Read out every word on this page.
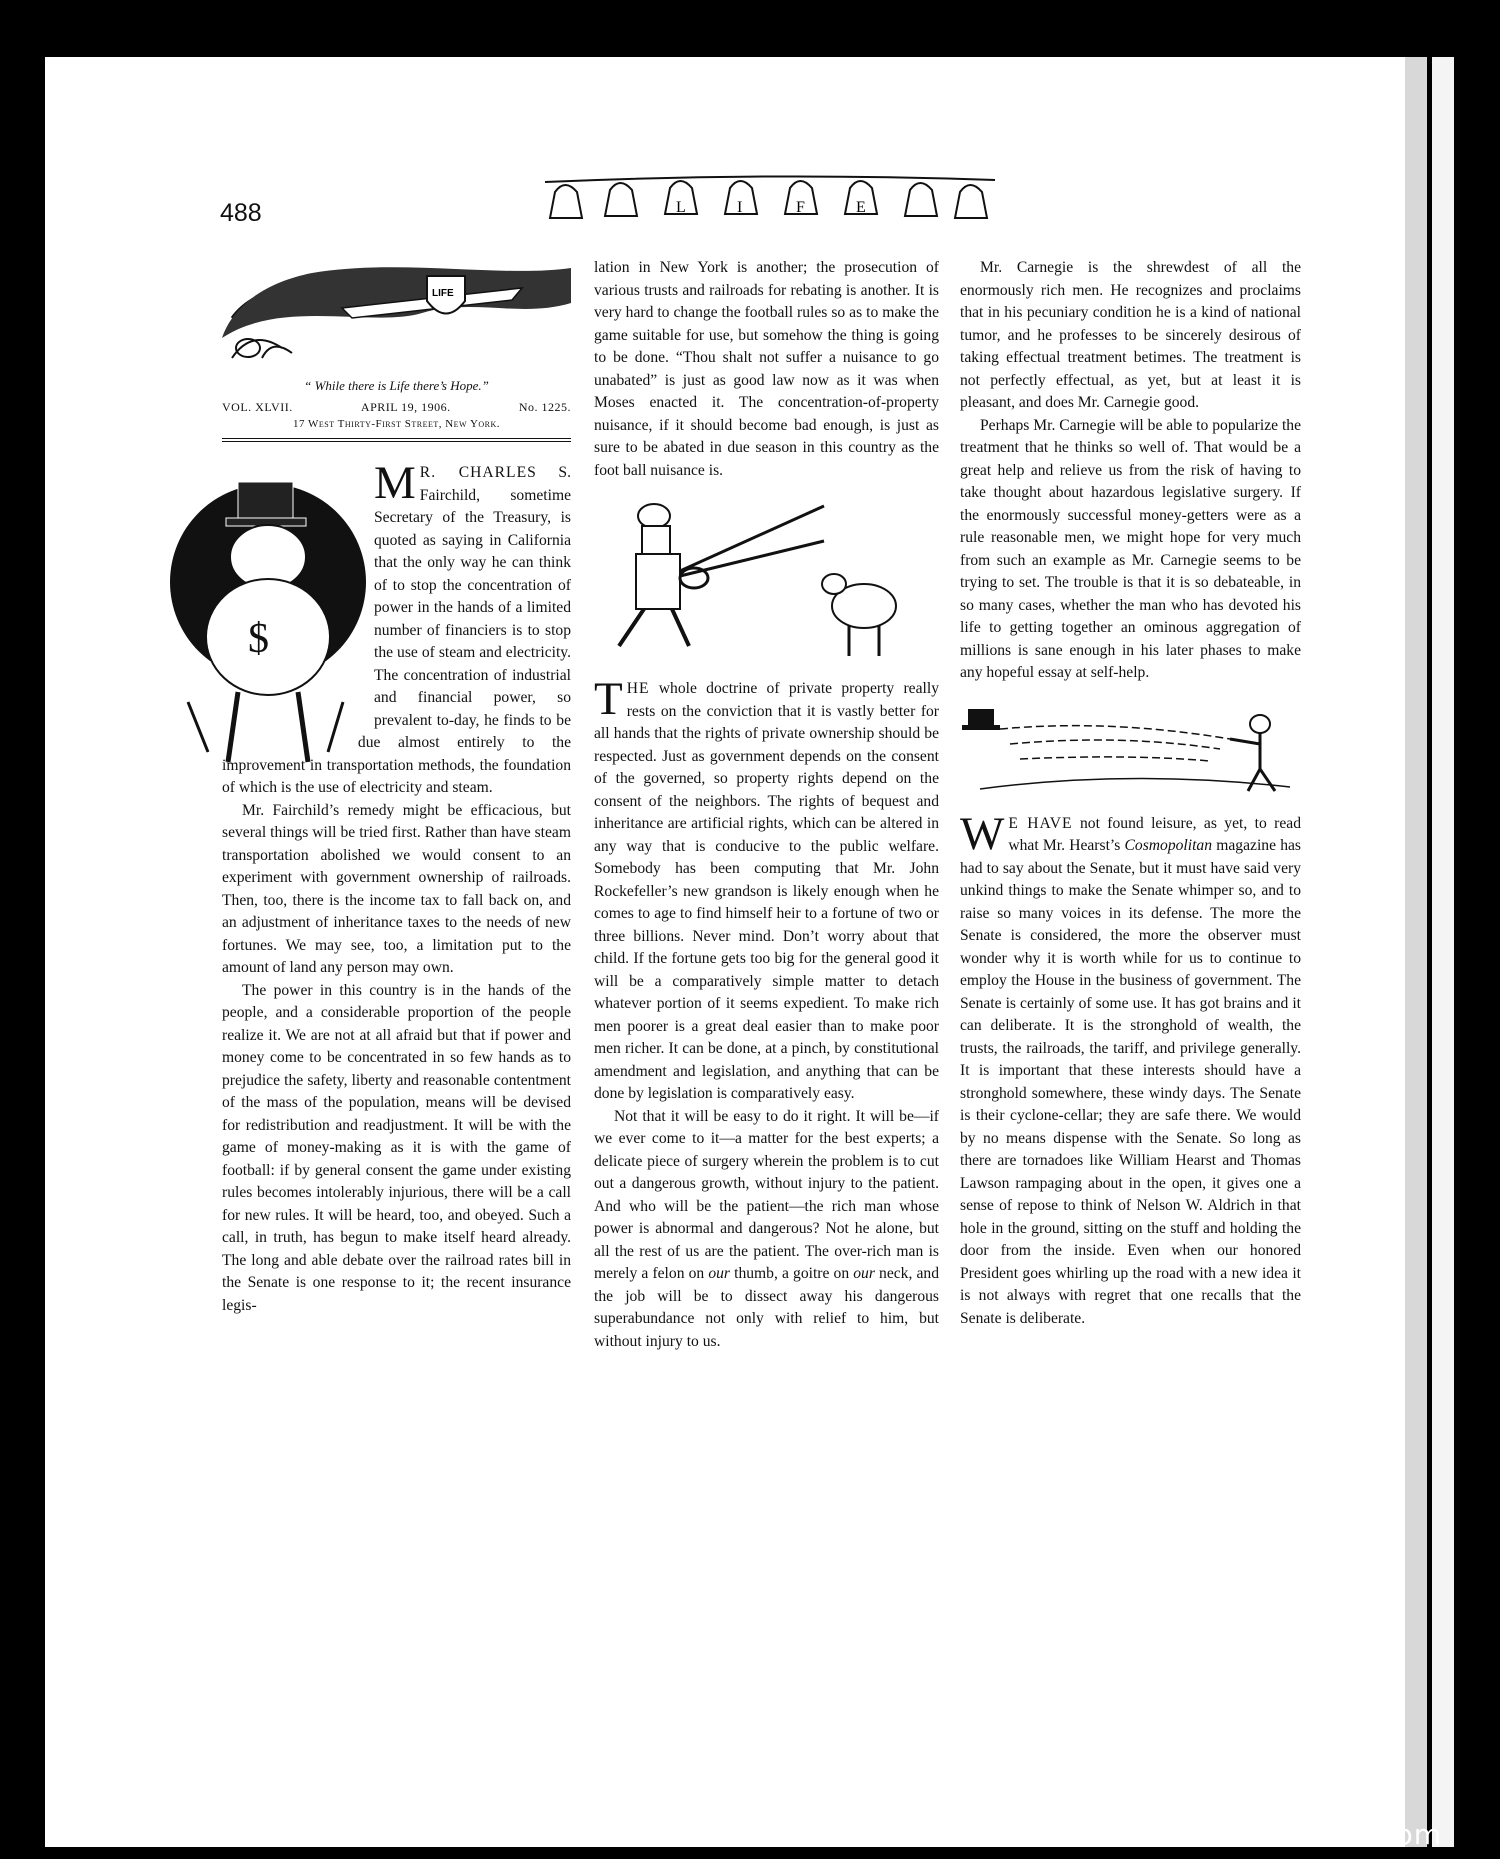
488	L	I	F	E
LIFE
“ While there is Life there’s Hope.”
VOL. XLVII.	APRIL 19, 1906.	No. 1225.
17 West Thirty-First Street, New York.

$
M R. CHARLES S. Fairchild, sometime Secretary of the Treasury, is quoted as saying in California that the only way he can think of to stop the concentration of power in the hands of a limited number of financiers is to stop the use of steam and electricity. The concentration of industrial and financial power, so prevalent to-day, he finds to be due almost entirely to the improvement in transportation methods, the foundation of which is the use of electricity and steam.

Mr. Fairchild’s remedy might be efficacious, but several things will be tried first. Rather than have steam transportation abolished we would consent to an experiment with government ownership of railroads. Then, too, there is the income tax to fall back on, and an adjustment of inheritance taxes to the needs of new fortunes. We may see, too, a limitation put to the amount of land any person may own.

The power in this country is in the hands of the people, and a considerable proportion of the people realize it. We are not at all afraid but that if power and money come to be concentrated in so few hands as to prejudice the safety, liberty and reasonable contentment of the mass of the population, means will be devised for redistribution and readjustment. It will be with the game of money-making as it is with the game of football: if by general consent the game under existing rules becomes intolerably injurious, there will be a call for new rules. It will be heard, too, and obeyed. Such a call, in truth, has begun to make itself heard already. The long and able debate over the railroad rates bill in the Senate is one response to it; the recent insurance legis-

lation in New York is another; the prosecution of various trusts and railroads for rebating is another. It is very hard to change the football rules so as to make the game suitable for use, but somehow the thing is going to be done. “Thou shalt not suffer a nuisance to go unabated” is just as good law now as it was when Moses enacted it. The concentration-of-property nuisance, if it should become bad enough, is just as sure to be abated in due season in this country as the foot ball nuisance is.

THE whole doctrine of private property really rests on the conviction that it is vastly better for all hands that the rights of private ownership should be respected. Just as government depends on the consent of the governed, so property rights depend on the consent of the neighbors. The rights of bequest and inheritance are artificial rights, which can be altered in any way that is conducive to the public welfare. Somebody has been computing that Mr. John Rockefeller’s new grandson is likely enough when he comes to age to find himself heir to a fortune of two or three billions. Never mind. Don’t worry about that child. If the fortune gets too big for the general good it will be a comparatively simple matter to detach whatever portion of it seems expedient. To make rich men poorer is a great deal easier than to make poor men richer. It can be done, at a pinch, by constitutional amendment and legislation, and anything that can be done by legislation is comparatively easy.

Not that it will be easy to do it right. It will be—if we ever come to it—a matter for the best experts; a delicate piece of surgery wherein the problem is to cut out a dangerous growth, without injury to the patient. And who will be the patient—the rich man whose power is abnormal and dangerous? Not he alone, but all the rest of us are the patient. The over-rich man is merely a felon on our thumb, a goitre on our neck, and the job will be to dissect away his dangerous superabundance not only with relief to him, but without injury to us.

Mr. Carnegie is the shrewdest of all the enormously rich men. He recognizes and proclaims that in his pecuniary condition he is a kind of national tumor, and he professes to be sincerely desirous of taking effectual treatment betimes. The treatment is not perfectly effectual, as yet, but at least it is pleasant, and does Mr. Carnegie good.

Perhaps Mr. Carnegie will be able to popularize the treatment that he thinks so well of. That would be a great help and relieve us from the risk of having to take thought about hazardous legislative surgery. If the enormously successful money-getters were as a rule reasonable men, we might hope for very much from such an example as Mr. Carnegie seems to be trying to set. The trouble is that it is so debateable, in so many cases, whether the man who has devoted his life to getting together an ominous aggregation of millions is sane enough in his later phases to make any hopeful essay at self-help.

W E HAVE not found leisure, as yet, to read what Mr. Hearst’s Cosmopolitan magazine has had to say about the Senate, but it must have said very unkind things to make the Senate whimper so, and to raise so many voices in its defense. The more the Senate is considered, the more the observer must wonder why it is worth while for us to continue to employ the House in the business of government. The Senate is certainly of some use. It has got brains and it can deliberate. It is the stronghold of wealth, the trusts, the railroads, the tariff, and privilege generally. It is important that these interests should have a stronghold somewhere, these windy days. The Senate is their cyclone-cellar; they are safe there. We would by no means dispense with the Senate. So long as there are tornadoes like William Hearst and Thomas Lawson rampaging about in the open, it gives one a sense of repose to think of Nelson W. Aldrich in that hole in the ground, sitting on the stuff and holding the door from the inside. Even when our honored President goes whirling up the road with a new idea it is not always with regret that one recalls that the Senate is deliberate.

comicbooks.com
